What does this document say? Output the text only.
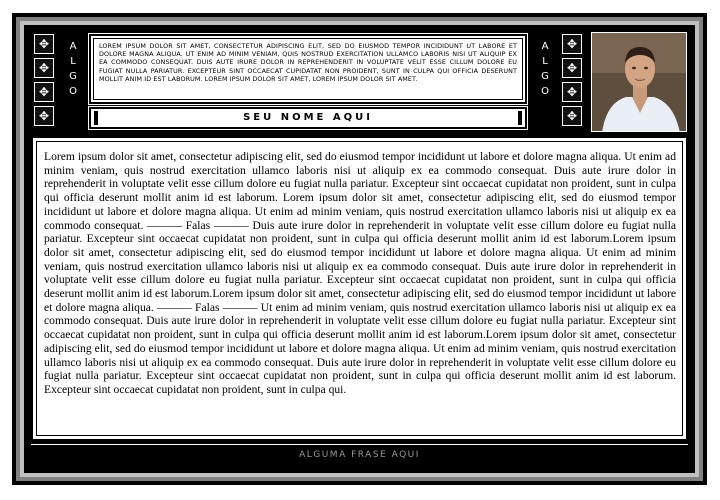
✥
✥
✥
✥
A
L
G
O
LOREM IPSUM DOLOR SIT AMET, CONSECTETUR ADIPISCING ELIT, SED DO EIUSMOD TEMPOR INCIDIDUNT UT LABORE ET DOLORE MAGNA ALIQUA. UT ENIM AD MINIM VENIAM, QUIS NOSTRUD EXERCITATION ULLAMCO LABORIS NISI UT ALIQUIP EX EA COMMODO CONSEQUAT. DUIS AUTE IRURE DOLOR IN REPREHENDERIT IN VOLUPTATE VELIT ESSE CILLUM DOLORE EU FUGIAT NULLA PARIATUR. EXCEPTEUR SINT OCCAECAT CUPIDATAT NON PROIDENT, SUNT IN CULPA QUI OFFICIA DESERUNT MOLLIT ANIM ID EST LABORUM. LOREM IPSUM DOLOR SIT AMET, LOREM IPSUM DOLOR SIT AMET.
SEU NOME AQUI
A
L
G
O
✥
✥
✥
✥
Lorem ipsum dolor sit amet, consectetur adipiscing elit, sed do eiusmod tempor incididunt ut labore et dolore magna aliqua. Ut enim ad minim veniam, quis nostrud exercitation ullamco laboris nisi ut aliquip ex ea commodo consequat. Duis aute irure dolor in reprehenderit in voluptate velit esse cillum dolore eu fugiat nulla pariatur. Excepteur sint occaecat cupidatat non proident, sunt in culpa qui officia deserunt mollit anim id est laborum. Lorem ipsum dolor sit amet, consectetur adipiscing elit, sed do eiusmod tempor incididunt ut labore et dolore magna aliqua. Ut enim ad minim veniam, quis nostrud exercitation ullamco laboris nisi ut aliquip ex ea commodo consequat. ——— Falas ——— Duis aute irure dolor in reprehenderit in voluptate velit esse cillum dolore eu fugiat nulla pariatur. Excepteur sint occaecat cupidatat non proident, sunt in culpa qui officia deserunt mollit anim id est laborum.Lorem ipsum dolor sit amet, consectetur adipiscing elit, sed do eiusmod tempor incididunt ut labore et dolore magna aliqua. Ut enim ad minim veniam, quis nostrud exercitation ullamco laboris nisi ut aliquip ex ea commodo consequat. Duis aute irure dolor in reprehenderit in voluptate velit esse cillum dolore eu fugiat nulla pariatur. Excepteur sint occaecat cupidatat non proident, sunt in culpa qui officia deserunt mollit anim id est laborum.Lorem ipsum dolor sit amet, consectetur adipiscing elit, sed do eiusmod tempor incididunt ut labore et dolore magna aliqua. ——— Falas ——— Ut enim ad minim veniam, quis nostrud exercitation ullamco laboris nisi ut aliquip ex ea commodo consequat. Duis aute irure dolor in reprehenderit in voluptate velit esse cillum dolore eu fugiat nulla pariatur. Excepteur sint occaecat cupidatat non proident, sunt in culpa qui officia deserunt mollit anim id est laborum.Lorem ipsum dolor sit amet, consectetur adipiscing elit, sed do eiusmod tempor incididunt ut labore et dolore magna aliqua. Ut enim ad minim veniam, quis nostrud exercitation ullamco laboris nisi ut aliquip ex ea commodo consequat. Duis aute irure dolor in reprehenderit in voluptate velit esse cillum dolore eu fugiat nulla pariatur. Excepteur sint occaecat cupidatat non proident, sunt in culpa qui officia deserunt mollit anim id est laborum. Excepteur sint occaecat cupidatat non proident, sunt in culpa qui.
ALGUMA FRASE AQUI
